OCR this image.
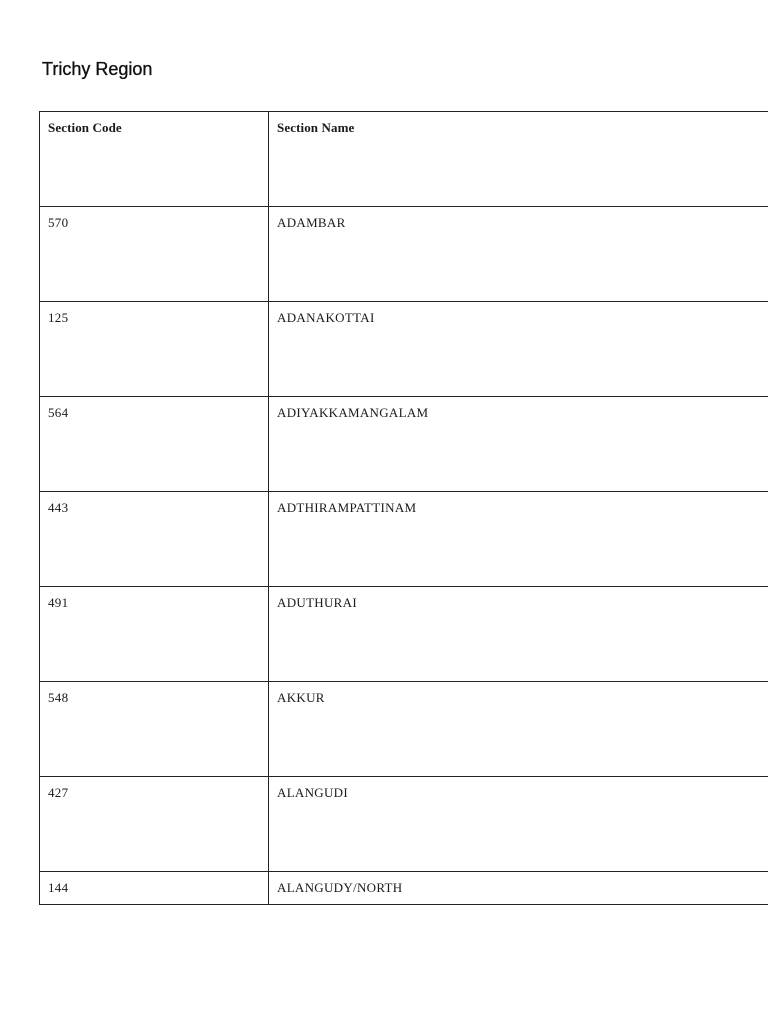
Trichy Region
Section Code	Section Name
570	ADAMBAR
125	ADANAKOTTAI
564	ADIYAKKAMANGALAM
443	ADTHIRAMPATTINAM
491	ADUTHURAI
548	AKKUR
427	ALANGUDI
144	ALANGUDY/NORTH
